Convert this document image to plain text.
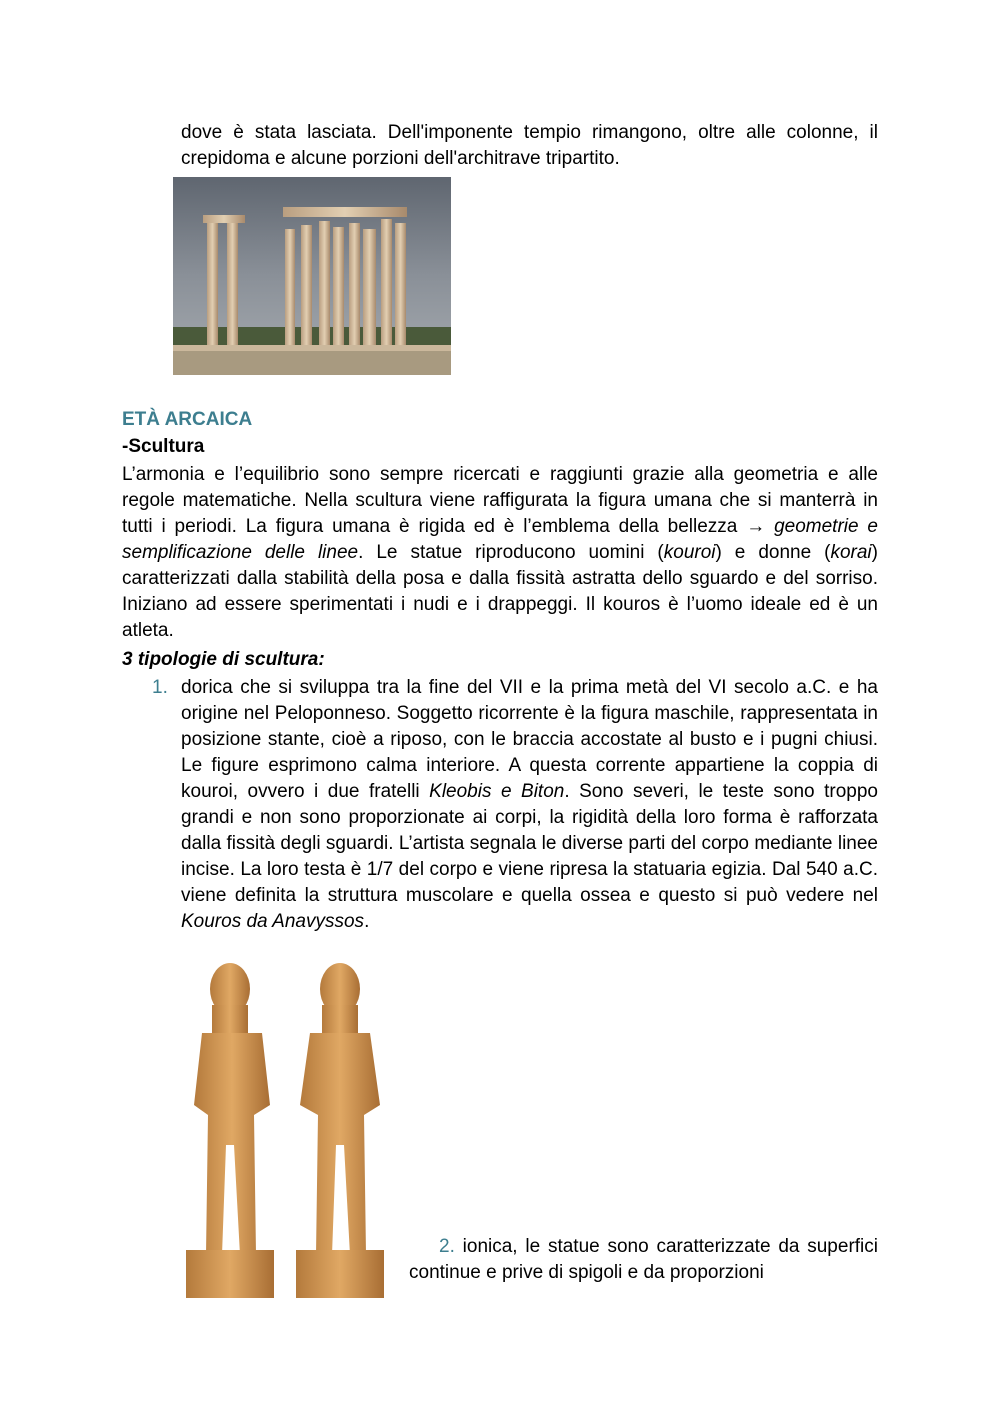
dove è stata lasciata. Dell'imponente tempio rimangono, oltre alle colonne, il crepidoma e alcune porzioni dell'architrave tripartito.
ETÀ ARCAICA
-Scultura
L’armonia e l’equilibrio sono sempre ricercati e raggiunti grazie alla geometria e alle regole matematiche. Nella scultura viene raffigurata la figura umana che si manterrà in tutti i periodi. La figura umana è rigida ed è l’emblema della bellezza → geometrie e semplificazione delle linee. Le statue riproducono uomini (kouroi) e donne (korai) caratterizzati dalla stabilità della posa e dalla fissità astratta dello sguardo e del sorriso. Iniziano ad essere sperimentati i nudi e i drappeggi. Il kouros è l’uomo ideale ed è un atleta.
3 tipologie di scultura:
1. dorica che si sviluppa tra la fine del VII e la prima metà del VI secolo a.C. e ha origine nel Peloponneso. Soggetto ricorrente è la figura maschile, rappresentata in posizione stante, cioè a riposo, con le braccia accostate al busto e i pugni chiusi. Le figure esprimono calma interiore. A questa corrente appartiene la coppia di kouroi, ovvero i due fratelli Kleobis e Biton. Sono severi, le teste sono troppo grandi e non sono proporzionate ai corpi, la rigidità della loro forma è rafforzata dalla fissità degli sguardi. L’artista segnala le diverse parti del corpo mediante linee incise. La loro testa è 1/7 del corpo e viene ripresa la statuaria egizia. Dal 540 a.C. viene definita la struttura muscolare e quella ossea e questo si può vedere nel Kouros da Anavyssos.
2. ionica, le statue sono caratterizzate da superfici continue e prive di spigoli e da proporzioni
